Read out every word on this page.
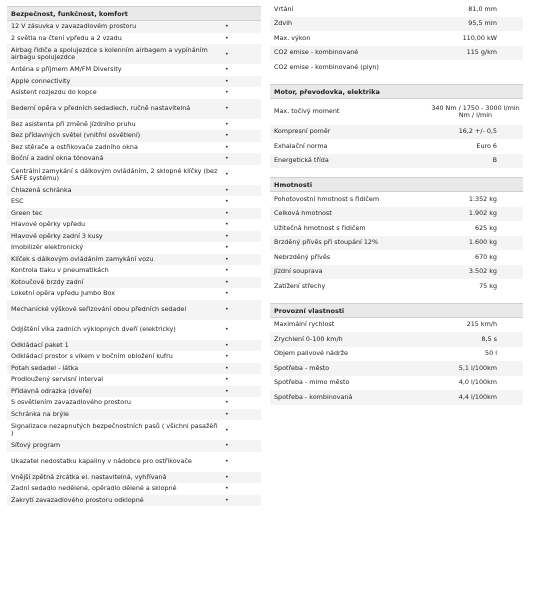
Bezpečnost, funkčnost, komfort
12 V zásuvka v zavazadlovém prostoru	•
2 světla na čtení vpředu a 2 vzadu	•
Airbag řidiče a spolujezdce s kolenním airbagem a vypínáním airbagu spolujezdce	•
Anténa s příjmem AM/FM Diversity	•
Apple connectivity	•
Asistent rozjezdu do kopce	•
Bederní opěra v předních sedadlech, ručně nastavitelná	•
Bez asistenta při změně jízdního pruhu	•
Bez přídavných světel (vnitřní osvětlení)	•
Bez stěrače a ostřikovače zadního okna	•
Boční a zadní okna tónovaná	•
Centrální zamykání s dálkovým ovládáním, 2 sklopné klíčky (bez SAFE systému)	•
Chlazená schránka	•
ESC	•
Green tec	•
Hlavové opěrky vpředu	•
Hlavové opěrky zadní 3 kusy	•
Imobilizér elektronický	•
Klíček s dálkovým ovládáním zamykání vozu	•
Kontrola tlaku v pneumatikách	•
Kotoučové brzdy zadní	•
Loketní opěra vpředu Jumbo Box	•
Mechanické výškové seřizování obou předních sedadel	•
Odjištění víka zadních výklopných dveří (elektricky)	•
Odkládací paket 1	•
Odkládací prostor s víkem v bočním obložení kufru	•
Potah sedadel - látka	•
Prodloužený servisní interval	•
Přídavná odrazka (dveře)	•
S osvětlením zavazadlového prostoru	•
Schránka na brýle	•
Signalizace nezapnutých bezpečnostních pasů ( všichni pasažéři )	•
Síťový program	•
Ukazatel nedostatku kapaliny v nádobce pro ostřikovače	•
Vnější zpětná zrcátka el. nastavitelná, vyhřívaná	•
Zadní sedadlo nedělené, opěradlo dělené a sklopné	•
Zakrytí zavazadlového prostoru odklopné	•
Vrtání	81,0 mm
Zdvih	95,5 mm
Max. výkon	110,00 kW
CO2 emise - kombinované	115 g/km
CO2 emise - kombinované (plyn)
Motor, převodovka, elektrika
Max. točivý moment	340 Nm / 1750 - 3000 l/min Nm / l/min
Kompresní poměr	16,2 +/- 0,5
Exhalační norma	Euro 6
Energetická třída	B
Hmotnosti
Pohotovostní hmotnost s řidičem	1.352 kg
Celková hmotnost	1.902 kg
Užitečná hmotnost s řidičem	625 kg
Brzděný přívěs při stoupání 12%	1.600 kg
Nebrzděný přívěs	670 kg
Jízdní souprava	3.502 kg
Zatížení střechy	75 kg
Provozní vlastnosti
Maximální rychlost	215 km/h
Zrychlení 0-100 km/h	8,5 s
Objem palivové nádrže	50 l
Spotřeba - město	5,1 l/100km
Spotřeba - mimo město	4,0 l/100km
Spotřeba - kombinovaná	4,4 l/100km
